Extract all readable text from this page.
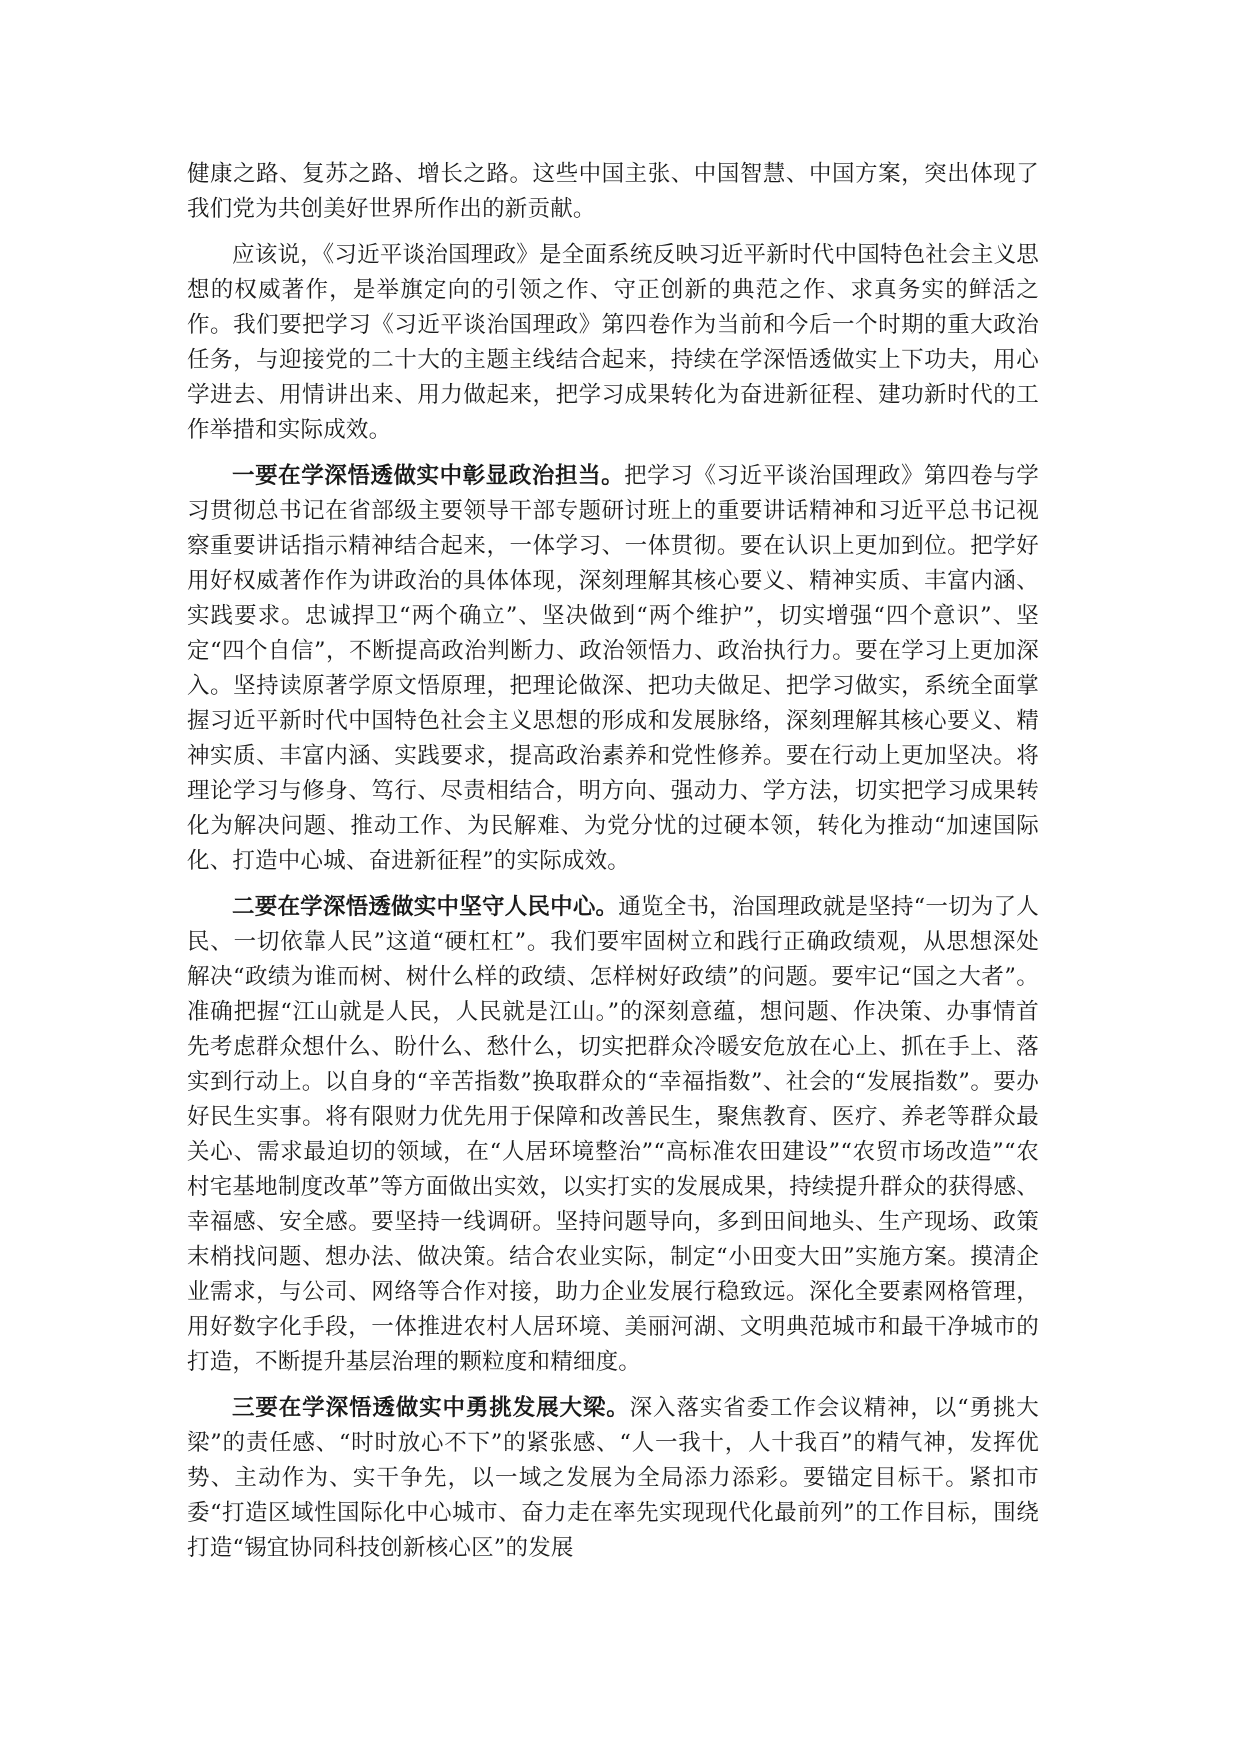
健康之路、复苏之路、增长之路。这些中国主张、中国智慧、中国方案，突出体现了我们党为共创美好世界所作出的新贡献。

应该说，《习近平谈治国理政》是全面系统反映习近平新时代中国特色社会主义思想的权威著作，是举旗定向的引领之作、守正创新的典范之作、求真务实的鲜活之作。我们要把学习《习近平谈治国理政》第四卷作为当前和今后一个时期的重大政治任务，与迎接党的二十大的主题主线结合起来，持续在学深悟透做实上下功夫，用心学进去、用情讲出来、用力做起来，把学习成果转化为奋进新征程、建功新时代的工作举措和实际成效。

一要在学深悟透做实中彰显政治担当。把学习《习近平谈治国理政》第四卷与学习贯彻总书记在省部级主要领导干部专题研讨班上的重要讲话精神和习近平总书记视察重要讲话指示精神结合起来，一体学习、一体贯彻。要在认识上更加到位。把学好用好权威著作作为讲政治的具体体现，深刻理解其核心要义、精神实质、丰富内涵、实践要求。忠诚捍卫“两个确立”、坚决做到“两个维护”，切实增强“四个意识”、坚定“四个自信”，不断提高政治判断力、政治领悟力、政治执行力。要在学习上更加深入。坚持读原著学原文悟原理，把理论做深、把功夫做足、把学习做实，系统全面掌握习近平新时代中国特色社会主义思想的形成和发展脉络，深刻理解其核心要义、精神实质、丰富内涵、实践要求，提高政治素养和党性修养。要在行动上更加坚决。将理论学习与修身、笃行、尽责相结合，明方向、强动力、学方法，切实把学习成果转化为解决问题、推动工作、为民解难、为党分忧的过硬本领，转化为推动“加速国际化、打造中心城、奋进新征程”的实际成效。

二要在学深悟透做实中坚守人民中心。通览全书，治国理政就是坚持“一切为了人民、一切依靠人民”这道“硬杠杠”。我们要牢固树立和践行正确政绩观，从思想深处解决“政绩为谁而树、树什么样的政绩、怎样树好政绩”的问题。要牢记“国之大者”。准确把握“江山就是人民，人民就是江山。”的深刻意蕴，想问题、作决策、办事情首先考虑群众想什么、盼什么、愁什么，切实把群众冷暖安危放在心上、抓在手上、落实到行动上。以自身的“辛苦指数”换取群众的“幸福指数”、社会的“发展指数”。要办好民生实事。将有限财力优先用于保障和改善民生，聚焦教育、医疗、养老等群众最关心、需求最迫切的领域，在“人居环境整治”“高标准农田建设”“农贸市场改造”“农村宅基地制度改革”等方面做出实效，以实打实的发展成果，持续提升群众的获得感、幸福感、安全感。要坚持一线调研。坚持问题导向，多到田间地头、生产现场、政策末梢找问题、想办法、做决策。结合农业实际，制定“小田变大田”实施方案。摸清企业需求，与公司、网络等合作对接，助力企业发展行稳致远。深化全要素网格管理，用好数字化手段，一体推进农村人居环境、美丽河湖、文明典范城市和最干净城市的打造，不断提升基层治理的颗粒度和精细度。

三要在学深悟透做实中勇挑发展大梁。深入落实省委工作会议精神，以“勇挑大梁”的责任感、“时时放心不下”的紧张感、“人一我十，人十我百”的精气神，发挥优势、主动作为、实干争先，以一域之发展为全局添力添彩。要锚定目标干。紧扣市委“打造区域性国际化中心城市、奋力走在率先实现现代化最前列”的工作目标，围绕打造“锡宜协同科技创新核心区”的发展
